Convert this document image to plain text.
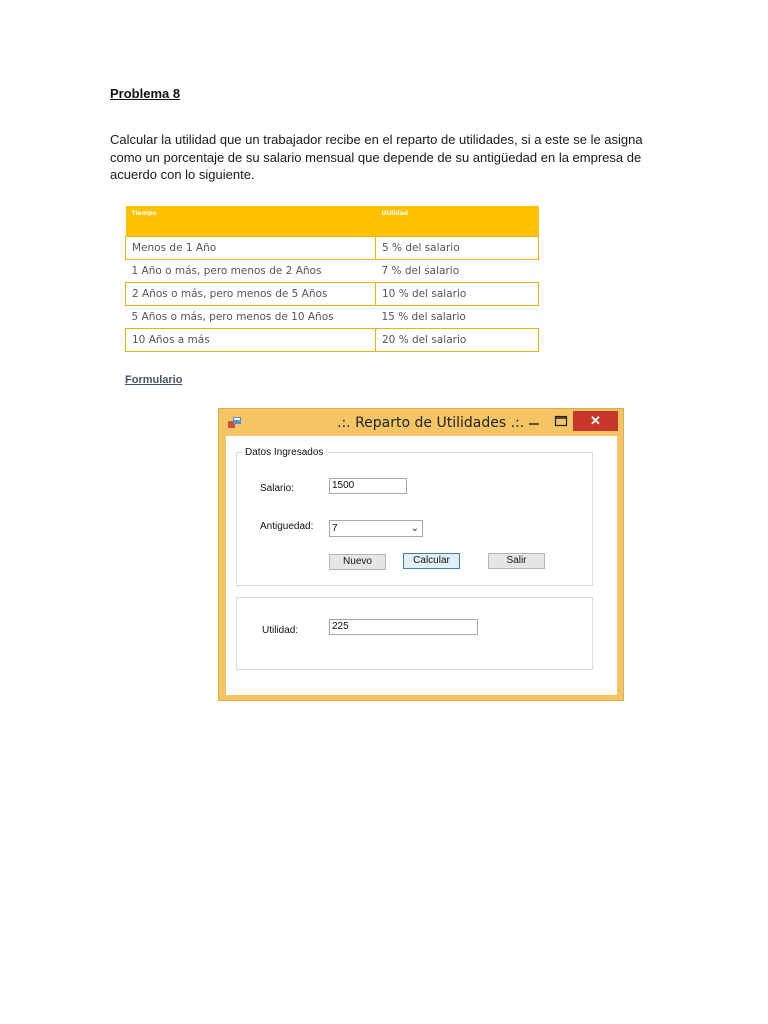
Problema 8
Calcular la utilidad que un trabajador recibe en el reparto de utilidades, si a este se le asigna como un porcentaje de su salario mensual que depende de su antigüedad en la empresa de acuerdo con lo siguiente.
Tiempo	Utilidad
Menos de 1 Año	5 % del salario
1 Año o más, pero menos de 2 Años	7 % del salario
2 Años o más, pero menos de 5 Años	10 % del salario
5 Años o más, pero menos de 10 Años	15 % del salario
10 Años a más	20 % del salario
Formulario
.:. Reparto de Utilidades .:.	✕
Datos Ingresados
Salario:	1500
Antiguedad:	7	⌄
Nuevo	Calcular	Salir
Utilidad:	225
